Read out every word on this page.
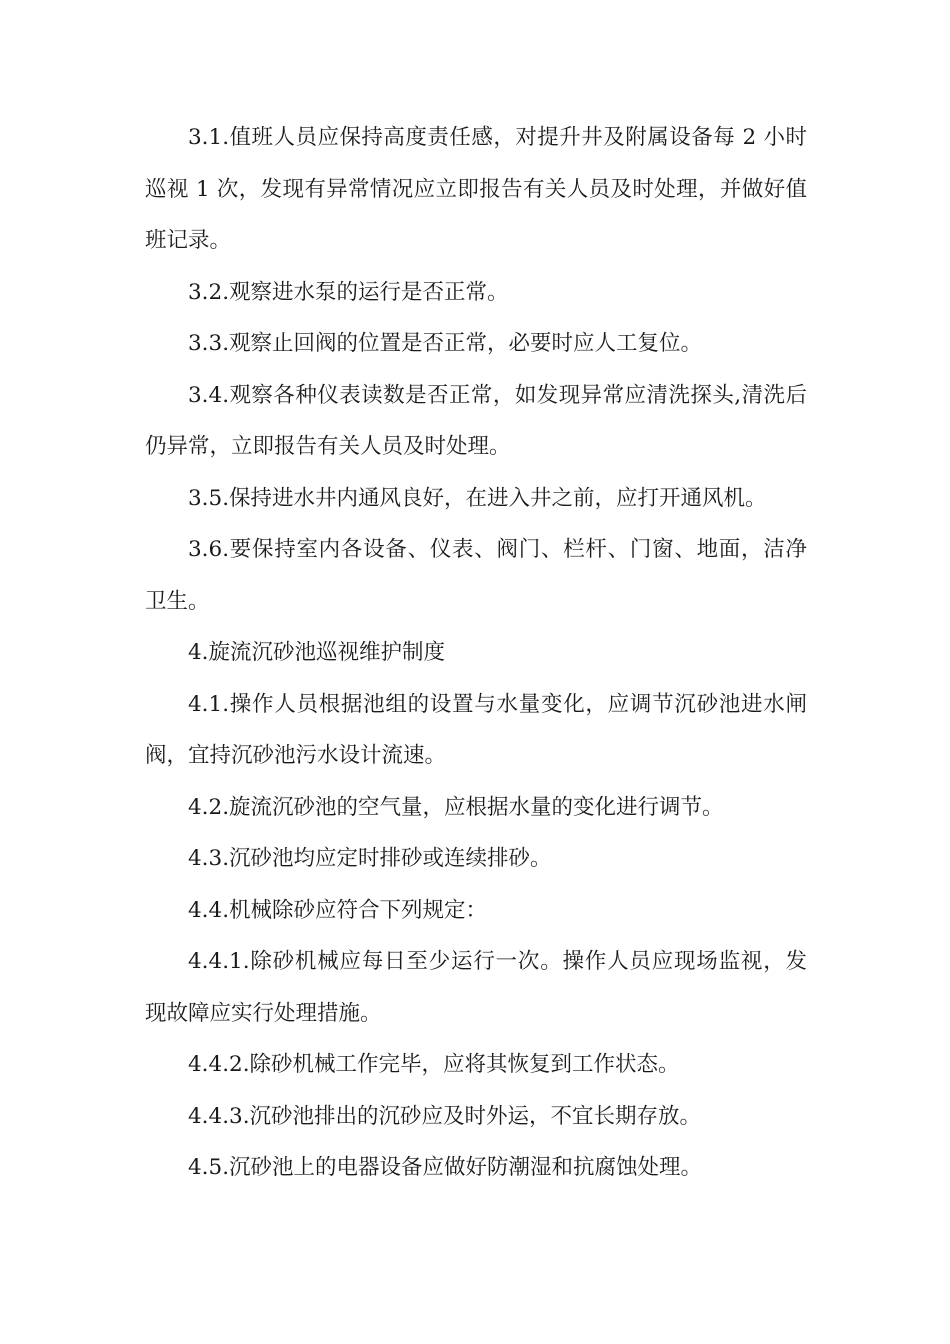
3.1.值班人员应保持高度责任感，对提升井及附属设备每 2 小时巡视 1 次，发现有异常情况应立即报告有关人员及时处理，并做好值班记录。

3.2.观察进水泵的运行是否正常。

3.3.观察止回阀的位置是否正常，必要时应人工复位。

3.4.观察各种仪表读数是否正常，如发现异常应清洗探头,清洗后仍异常，立即报告有关人员及时处理。

3.5.保持进水井内通风良好，在进入井之前，应打开通风机。

3.6.要保持室内各设备、仪表、阀门、栏杆、门窗、地面，洁净卫生。

4.旋流沉砂池巡视维护制度

4.1.操作人员根据池组的设置与水量变化，应调节沉砂池进水闸阀，宜持沉砂池污水设计流速。

4.2.旋流沉砂池的空气量，应根据水量的变化进行调节。

4.3.沉砂池均应定时排砂或连续排砂。

4.4.机械除砂应符合下列规定：

4.4.1.除砂机械应每日至少运行一次。操作人员应现场监视，发现故障应实行处理措施。

4.4.2.除砂机械工作完毕，应将其恢复到工作状态。

4.4.3.沉砂池排出的沉砂应及时外运，不宜长期存放。

4.5.沉砂池上的电器设备应做好防潮湿和抗腐蚀处理。
